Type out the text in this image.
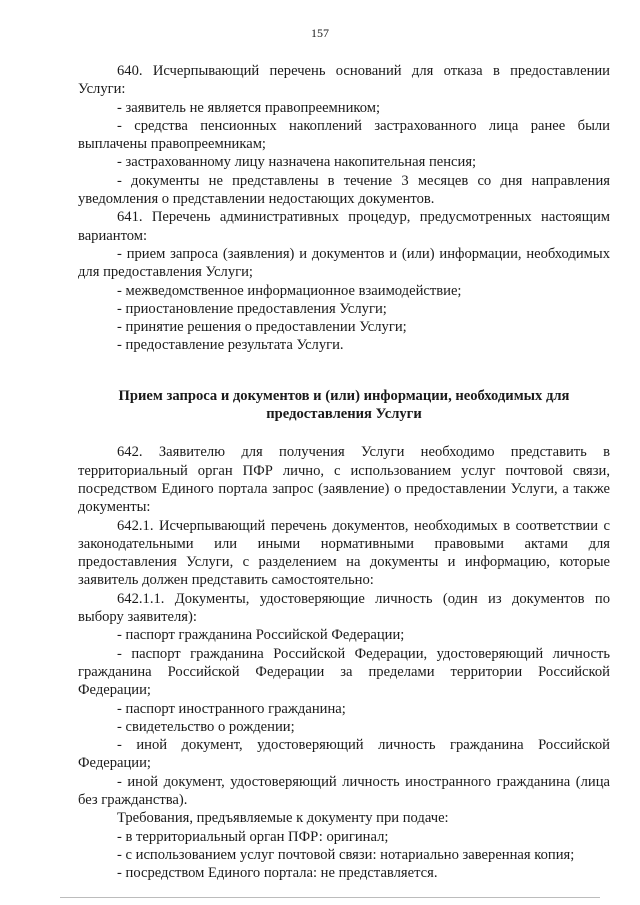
157

640. Исчерпывающий перечень оснований для отказа в предоставлении Услуги:

- заявитель не является правопреемником;

- средства пенсионных накоплений застрахованного лица ранее были выплачены правопреемникам;

- застрахованному лицу назначена накопительная пенсия;

- документы не представлены в течение 3 месяцев со дня направления уведомления о представлении недостающих документов.

641. Перечень административных процедур, предусмотренных настоящим вариантом:

- прием запроса (заявления) и документов и (или) информации, необходимых для предоставления Услуги;

- межведомственное информационное взаимодействие;

- приостановление предоставления Услуги;

- принятие решения о предоставлении Услуги;

- предоставление результата Услуги.

Прием запроса и документов и (или) информации, необходимых для предоставления Услуги

642. Заявителю для получения Услуги необходимо представить в территориальный орган ПФР лично, с использованием услуг почтовой связи, посредством Единого портала запрос (заявление) о предоставлении Услуги, а также документы:

642.1. Исчерпывающий перечень документов, необходимых в соответствии с законодательными или иными нормативными правовыми актами для предоставления Услуги, с разделением на документы и информацию, которые заявитель должен представить самостоятельно:

642.1.1. Документы, удостоверяющие личность (один из документов по выбору заявителя):

- паспорт гражданина Российской Федерации;

- паспорт гражданина Российской Федерации, удостоверяющий личность гражданина Российской Федерации за пределами территории Российской Федерации;

- паспорт иностранного гражданина;

- свидетельство о рождении;

- иной документ, удостоверяющий личность гражданина Российской Федерации;

- иной документ, удостоверяющий личность иностранного гражданина (лица без гражданства).

Требования, предъявляемые к документу при подаче:

- в территориальный орган ПФР: оригинал;

- с использованием услуг почтовой связи: нотариально заверенная копия;

- посредством Единого портала: не представляется.
